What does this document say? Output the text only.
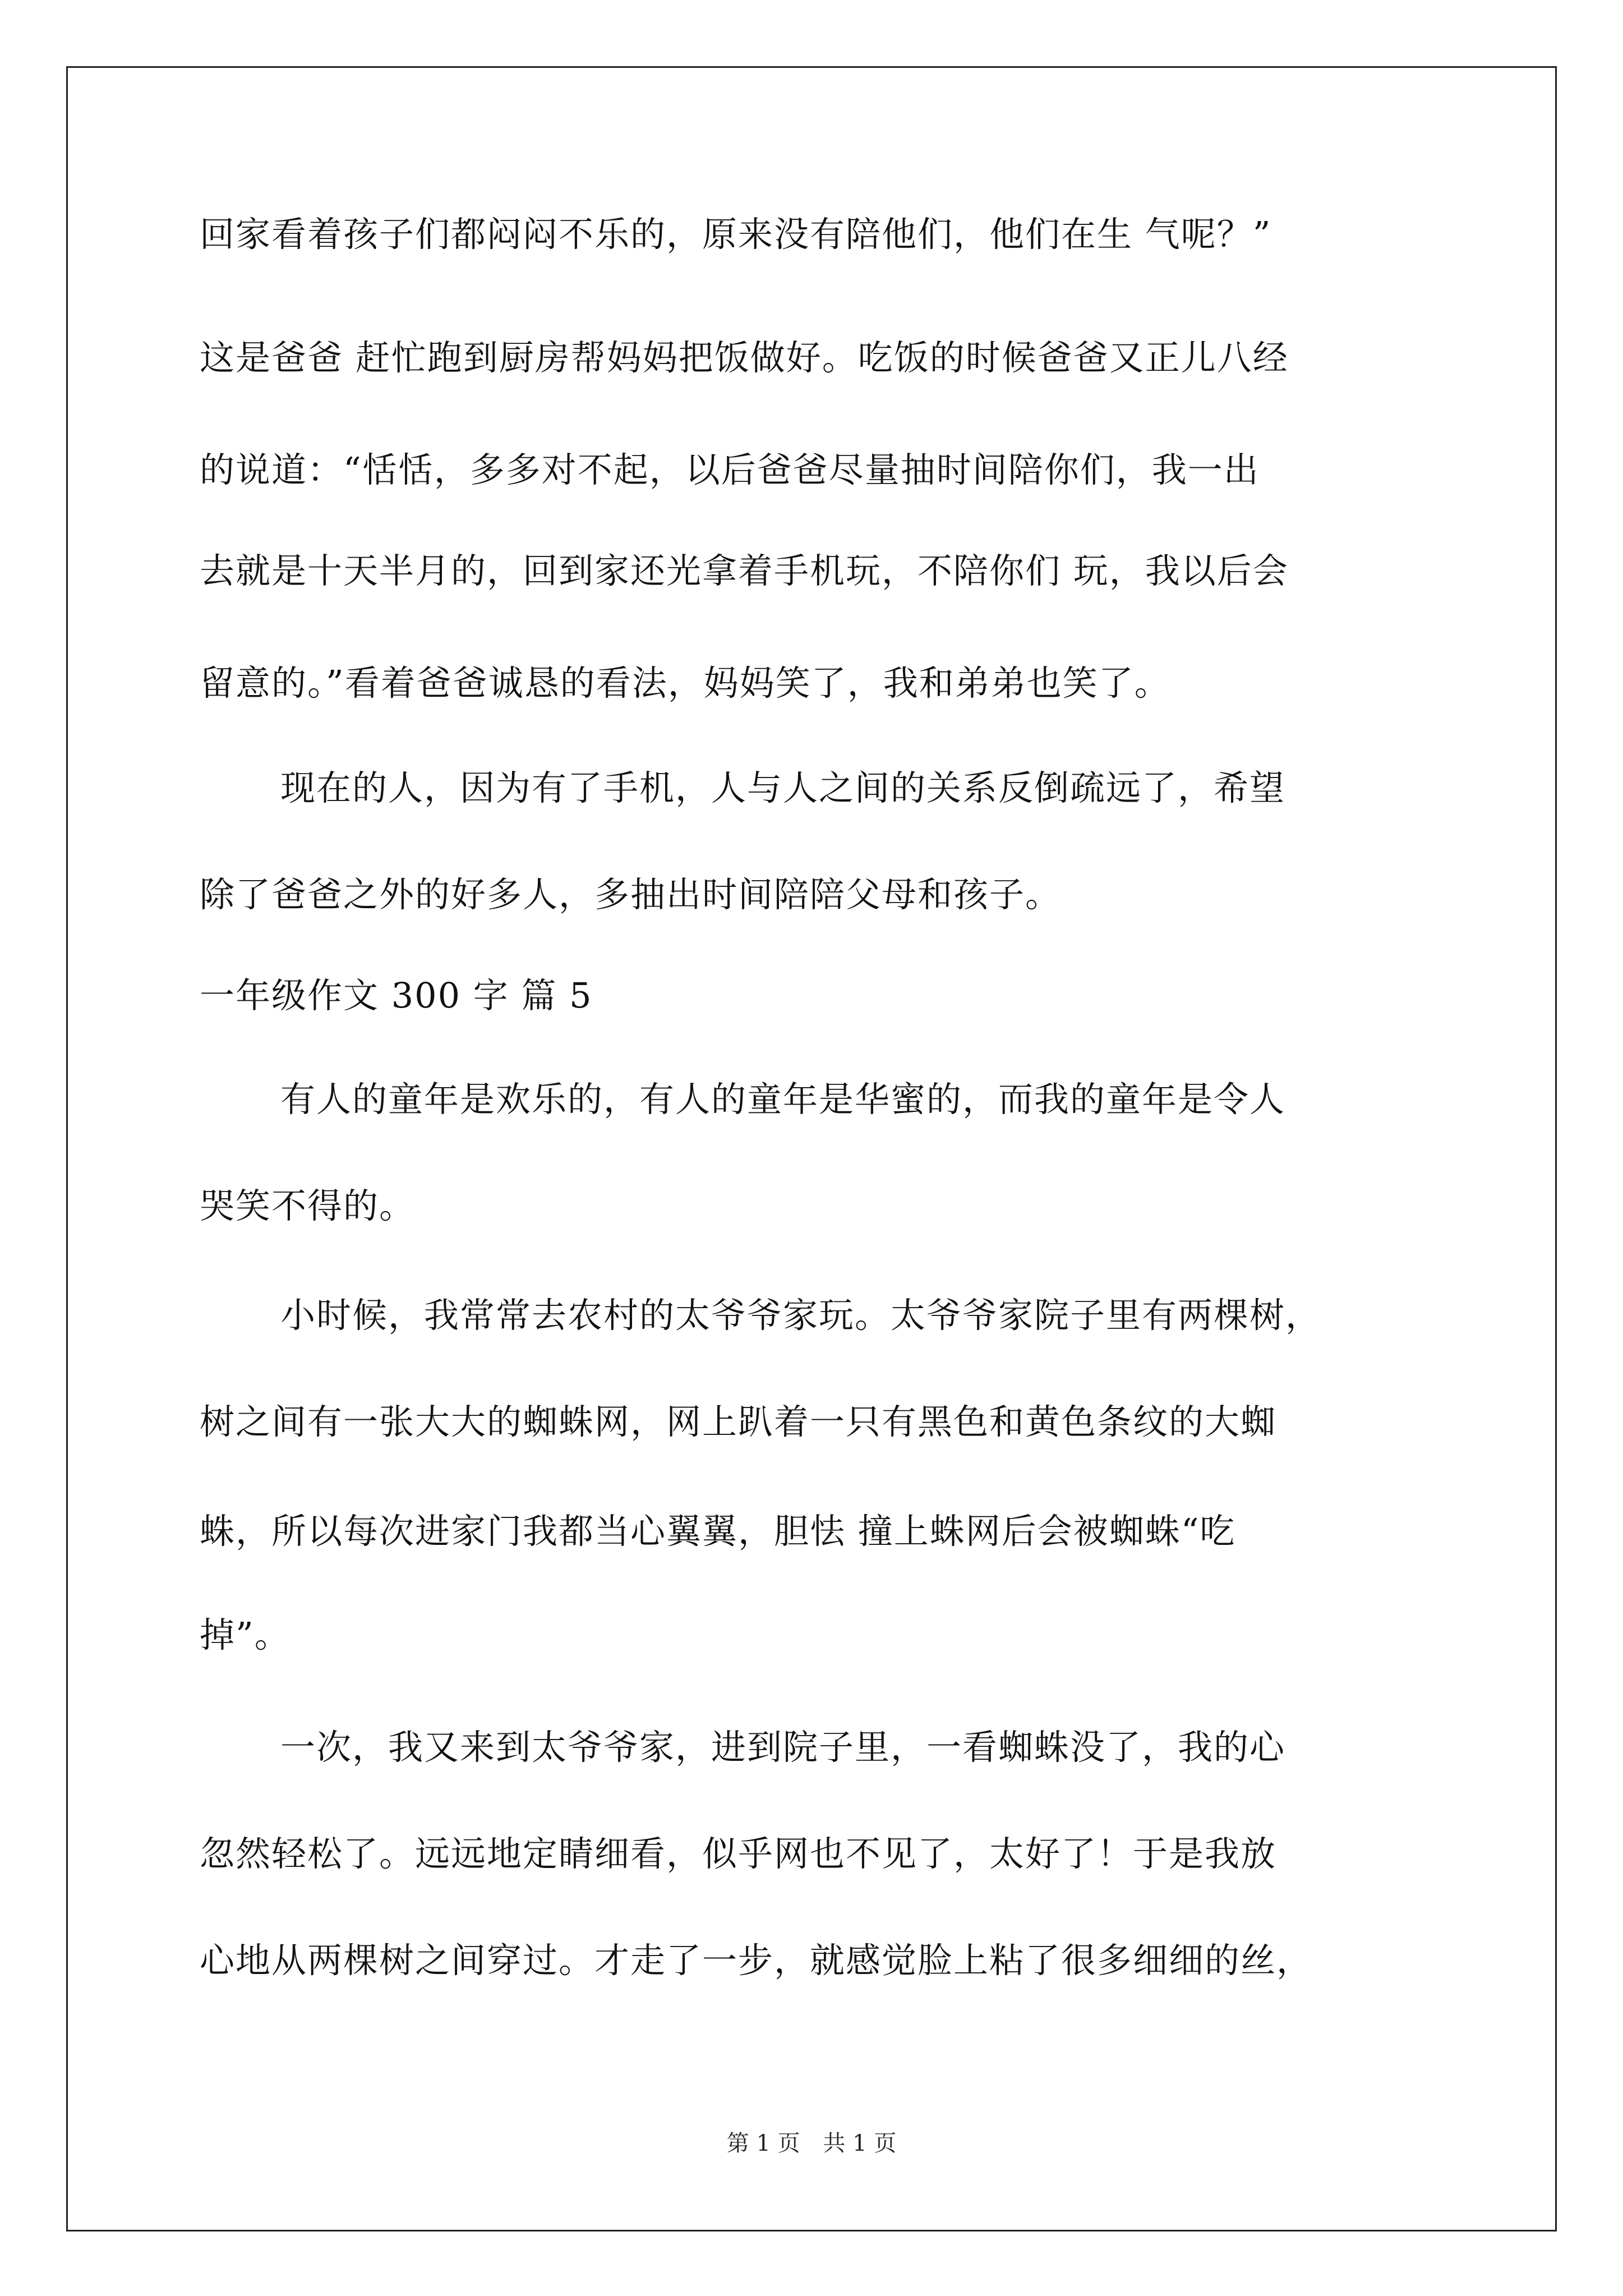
回家看着孩子们都闷闷不乐的，原来没有陪他们，他们在生 气呢？”
这是爸爸 赶忙跑到厨房帮妈妈把饭做好。吃饭的时候爸爸又正儿八经
的说道：“恬恬，多多对不起，以后爸爸尽量抽时间陪你们，我一出
去就是十天半月的，回到家还光拿着手机玩，不陪你们 玩，我以后会
留意的。”看着爸爸诚恳的看法，妈妈笑了，我和弟弟也笑了。
现在的人，因为有了手机，人与人之间的关系反倒疏远了，希望
除了爸爸之外的好多人，多抽出时间陪陪父母和孩子。
一年级作文 300 字 篇 5
有人的童年是欢乐的，有人的童年是华蜜的，而我的童年是令人
哭笑不得的。
小时候，我常常去农村的太爷爷家玩。太爷爷家院子里有两棵树，
树之间有一张大大的蜘蛛网，网上趴着一只有黑色和黄色条纹的大蜘
蛛，所以每次进家门我都当心翼翼，胆怯 撞上蛛网后会被蜘蛛“吃
掉”。
一次，我又来到太爷爷家，进到院子里，一看蜘蛛没了，我的心
忽然轻松了。远远地定睛细看，似乎网也不见了，太好了！于是我放
心地从两棵树之间穿过。才走了一步，就感觉脸上粘了很多细细的丝，
第 1 页 共 1 页
